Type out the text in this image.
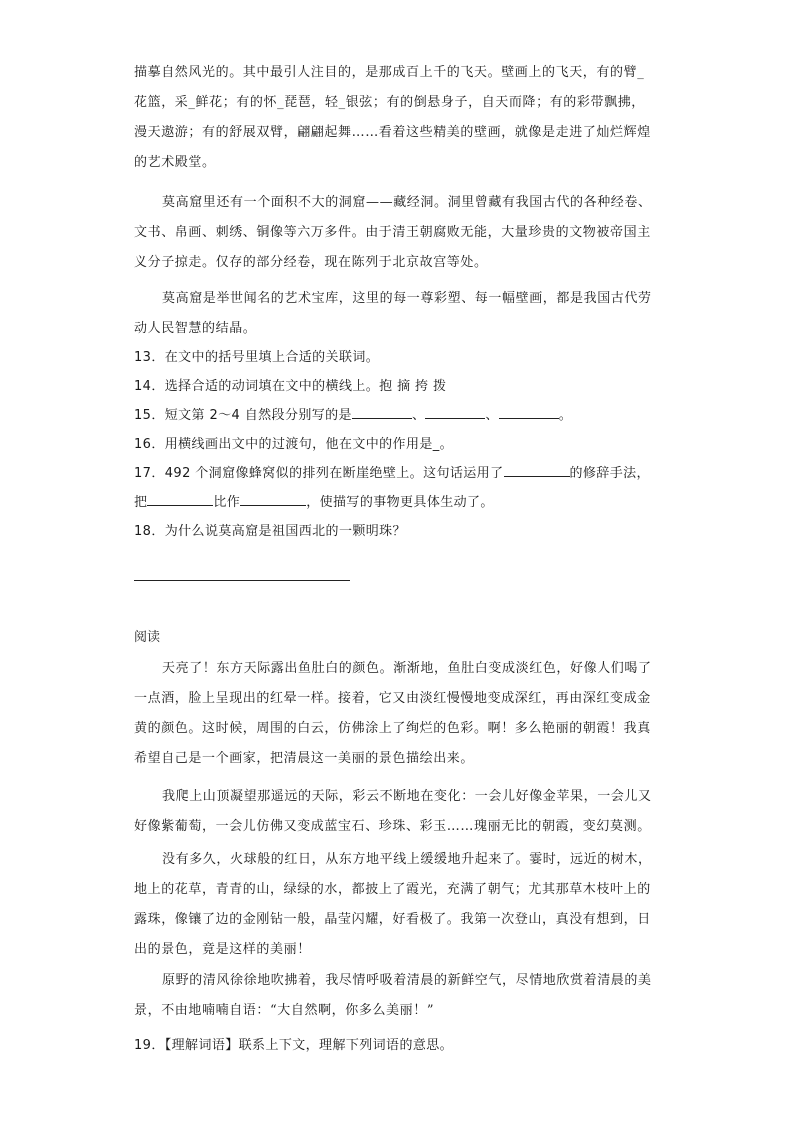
描摹自然风光的。其中最引人注目的，是那成百上千的飞天。壁画上的飞天，有的臂_
花篮，采_鲜花；有的怀_琵琶，轻_银弦；有的倒悬身子，自天而降；有的彩带飘拂，
漫天遨游；有的舒展双臂，翩翩起舞……看着这些精美的壁画，就像是走进了灿烂辉煌
的艺术殿堂。
莫高窟里还有一个面积不大的洞窟——藏经洞。洞里曾藏有我国古代的各种经卷、
文书、帛画、刺绣、铜像等六万多件。由于清王朝腐败无能，大量珍贵的文物被帝国主
义分子掠走。仅存的部分经卷，现在陈列于北京故宫等处。
莫高窟是举世闻名的艺术宝库，这里的每一尊彩塑、每一幅壁画，都是我国古代劳
动人民智慧的结晶。
13．在文中的括号里填上合适的关联词。
14．选择合适的动词填在文中的横线上。抱 摘 挎 拨
15．短文第 2～4 自然段分别写的是	、	、	。
16．用横线画出文中的过渡句，他在文中的作用是_。
17．492 个洞窟像蜂窝似的排列在断崖绝壁上。这句话运用了	的修辞手法，
把	比作	，使描写的事物更具体生动了。
18．为什么说莫高窟是祖国西北的一颗明珠？

阅读

天亮了！东方天际露出鱼肚白的颜色。渐渐地，鱼肚白变成淡红色，好像人们喝了
一点酒，脸上呈现出的红晕一样。接着，它又由淡红慢慢地变成深红，再由深红变成金
黄的颜色。这时候，周围的白云，仿佛涂上了绚烂的色彩。啊！多么艳丽的朝霞！我真
希望自己是一个画家，把清晨这一美丽的景色描绘出来。
我爬上山顶凝望那遥远的天际，彩云不断地在变化：一会儿好像金苹果，一会儿又
好像紫葡萄，一会儿仿佛又变成蓝宝石、珍珠、彩玉……瑰丽无比的朝霞，变幻莫测。
没有多久，火球般的红日，从东方地平线上缓缓地升起来了。霎时，远近的树木，
地上的花草，青青的山，绿绿的水，都披上了霞光，充满了朝气；尤其那草木枝叶上的
露珠，像镶了边的金刚钻一般，晶莹闪耀，好看极了。我第一次登山，真没有想到，日
出的景色，竟是这样的美丽！
原野的清风徐徐地吹拂着，我尽情呼吸着清晨的新鲜空气，尽情地欣赏着清晨的美
景，不由地喃喃自语：“大自然啊，你多么美丽！”
19．【理解词语】联系上下文，理解下列词语的意思。
